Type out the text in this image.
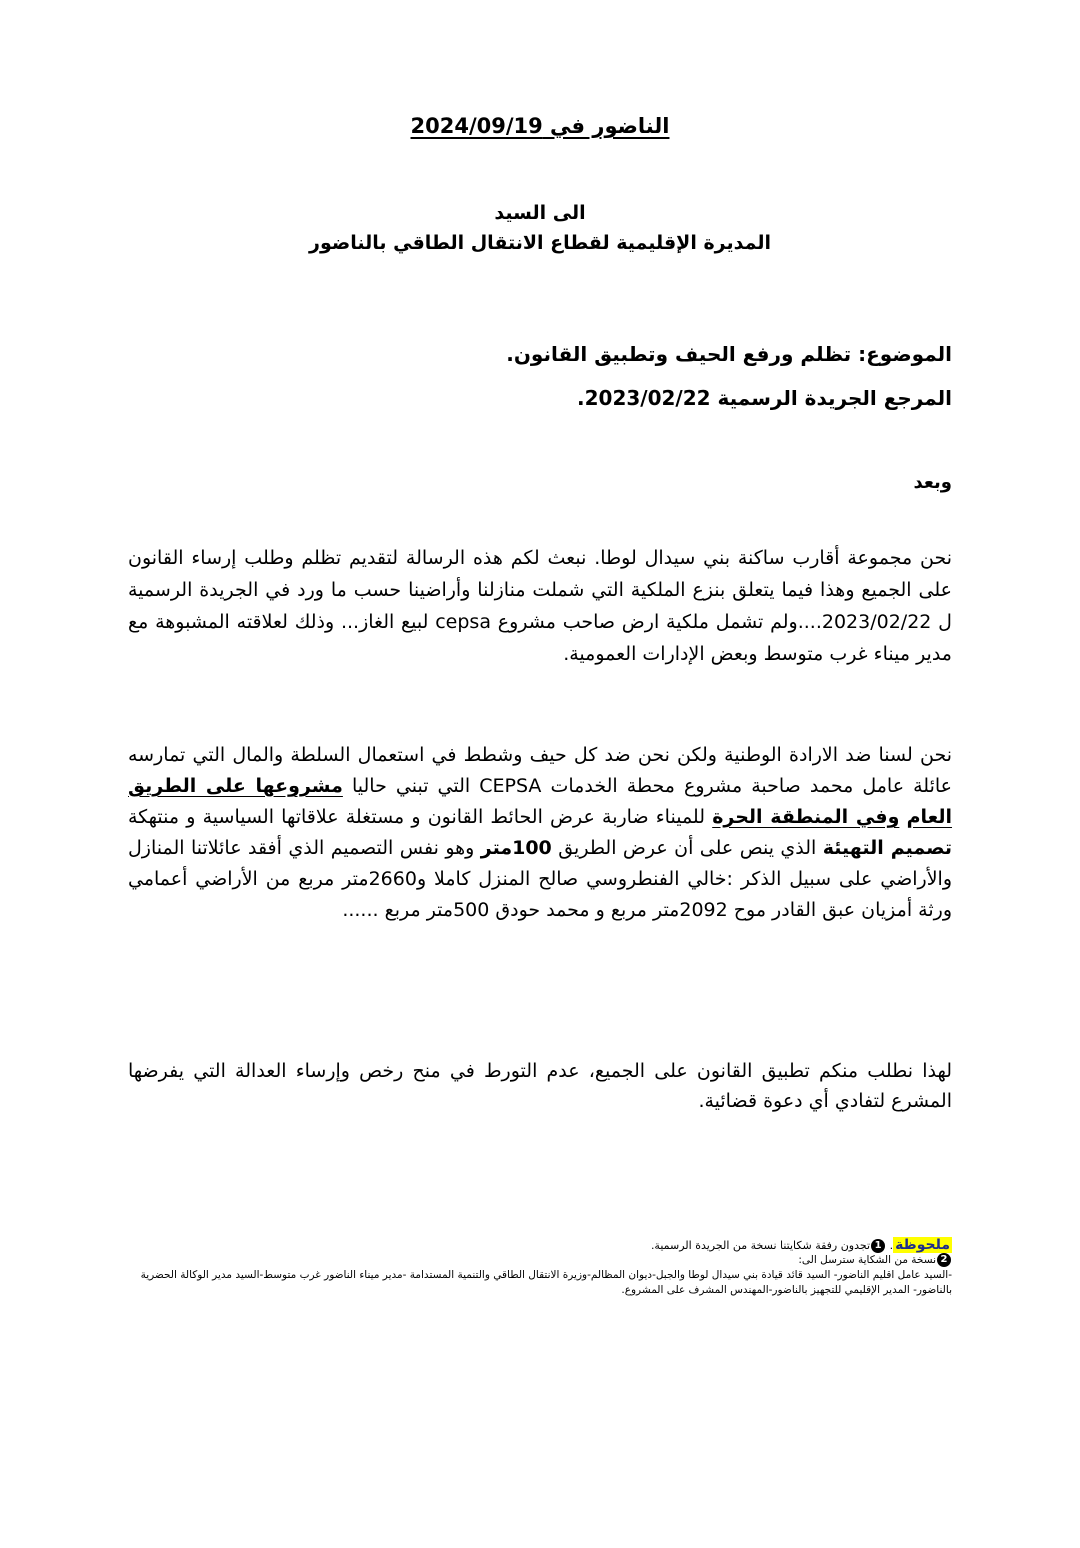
الناضور في 2024/09/19
الى السيد
المديرة الإقليمية لقطاع الانتقال الطاقي بالناضور
الموضوع: تظلم ورفع الحيف وتطبيق القانون.
المرجع الجريدة الرسمية 2023/02/22.
وبعد
نحن مجموعة أقارب ساكنة بني سيدال لوطا. نبعث لكم هذه الرسالة لتقديم تظلم وطلب إرساء القانون على الجميع وهذا فيما يتعلق بنزع الملكية التي شملت منازلنا وأراضينا حسب ما ورد في الجريدة الرسمية ل 2023/02/22....ولم تشمل ملكية ارض صاحب مشروع cepsa لبيع الغاز... وذلك لعلاقته المشبوهة مع مدير ميناء غرب متوسط وبعض الإدارات العمومية.
نحن لسنا ضد الارادة الوطنية ولكن نحن ضد كل حيف وشطط في استعمال السلطة والمال التي تمارسه عائلة عامل محمد صاحبة مشروع محطة الخدمات CEPSA التي تبني حاليا مشروعها على الطريق العام وفي المنطقة الحرة للميناء ضاربة عرض الحائط القانون و مستغلة علاقاتها السياسية و منتهكة تصميم التهيئة الذي ينص على أن عرض الطريق 100متر وهو نفس التصميم الذي أفقد عائلاتنا المنازل والأراضي على سبيل الذكر :خالي الفنطروسي صالح المنزل كاملا و2660متر مربع من الأراضي أعمامي ورثة أمزيان عبق القادر موح 2092متر مربع و محمد حودق 500متر مربع ......
لهذا نطلب منكم تطبيق القانون على الجميع، عدم التورط في منح رخص وإرساء العدالة التي يفرضها المشرع لتفادي أي دعوة قضائية.
ملحوظة. 1تجدون رفقة شكايتنا نسخة من الجريدة الرسمية.
2نسخة من الشكاية سترسل الى:
-السيد عامل اقليم الناضور- السيد قائد قيادة بني سيدال لوطا والجبل-ديوان المظالم-وزيرة الانتقال الطاقي والتنمية المستدامة -مدير ميناء الناضور غرب متوسط-السيد مدير الوكالة الحضرية بالناضور- المدير الإقليمي للتجهيز بالناضور-المهندس المشرف على المشروع.
